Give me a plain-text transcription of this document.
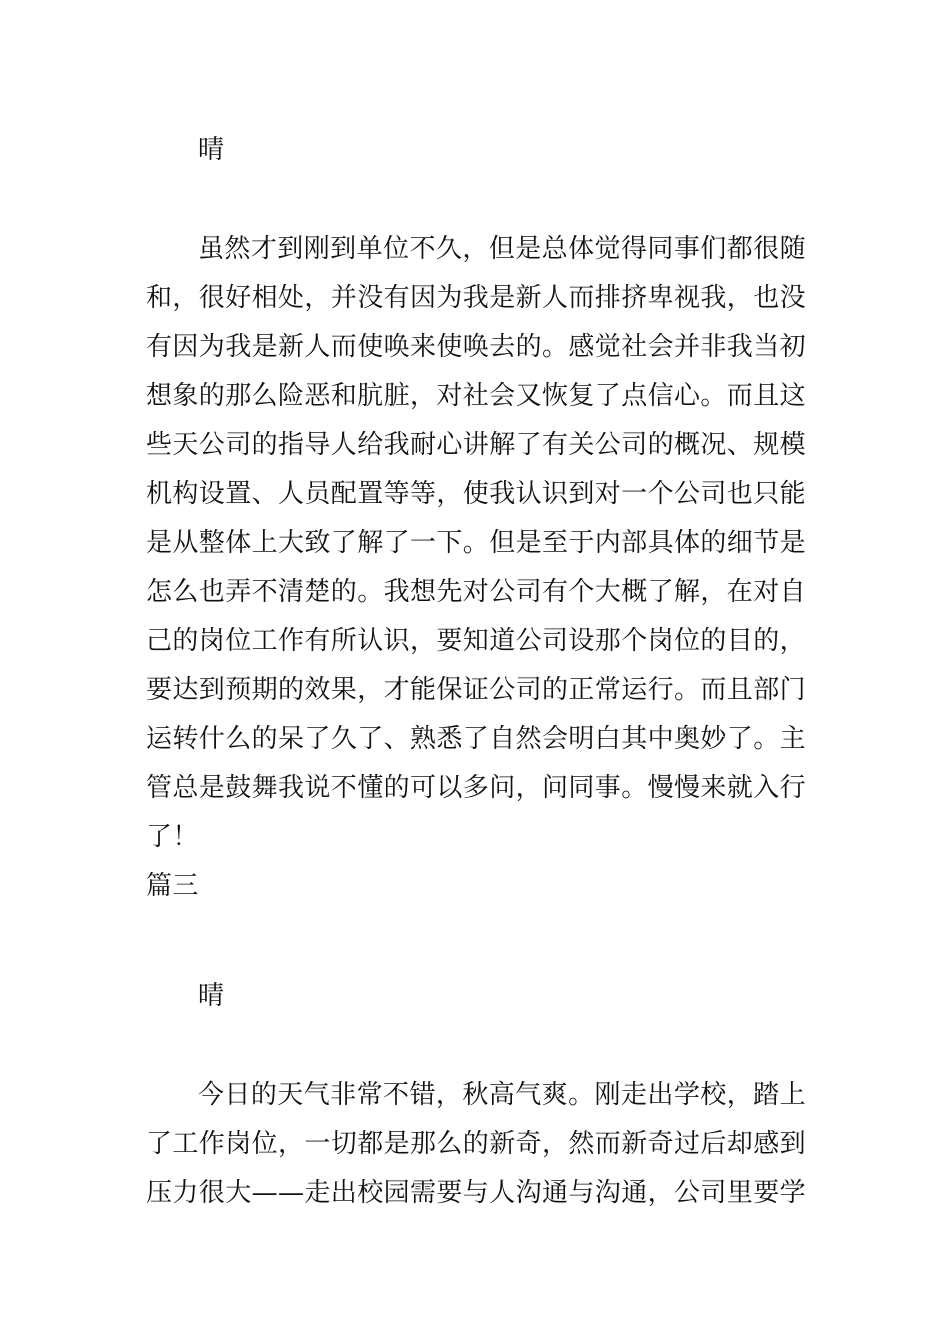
晴
虽然才到刚到单位不久，但是总体觉得同事们都很随
和，很好相处，并没有因为我是新人而排挤卑视我，也没
有因为我是新人而使唤来使唤去的。感觉社会并非我当初
想象的那么险恶和肮脏，对社会又恢复了点信心。而且这
些天公司的指导人给我耐心讲解了有关公司的概况、规模
机构设置、人员配置等等，使我认识到对一个公司也只能
是从整体上大致了解了一下。但是至于内部具体的细节是
怎么也弄不清楚的。我想先对公司有个大概了解，在对自
己的岗位工作有所认识，要知道公司设那个岗位的目的，
要达到预期的效果，才能保证公司的正常运行。而且部门
运转什么的呆了久了、熟悉了自然会明白其中奥妙了。主
管总是鼓舞我说不懂的可以多问，问同事。慢慢来就入行
了！
篇三
晴
今日的天气非常不错，秋高气爽。刚走出学校，踏上
了工作岗位，一切都是那么的新奇，然而新奇过后却感到
压力很大——走出校园需要与人沟通与沟通，公司里要学
